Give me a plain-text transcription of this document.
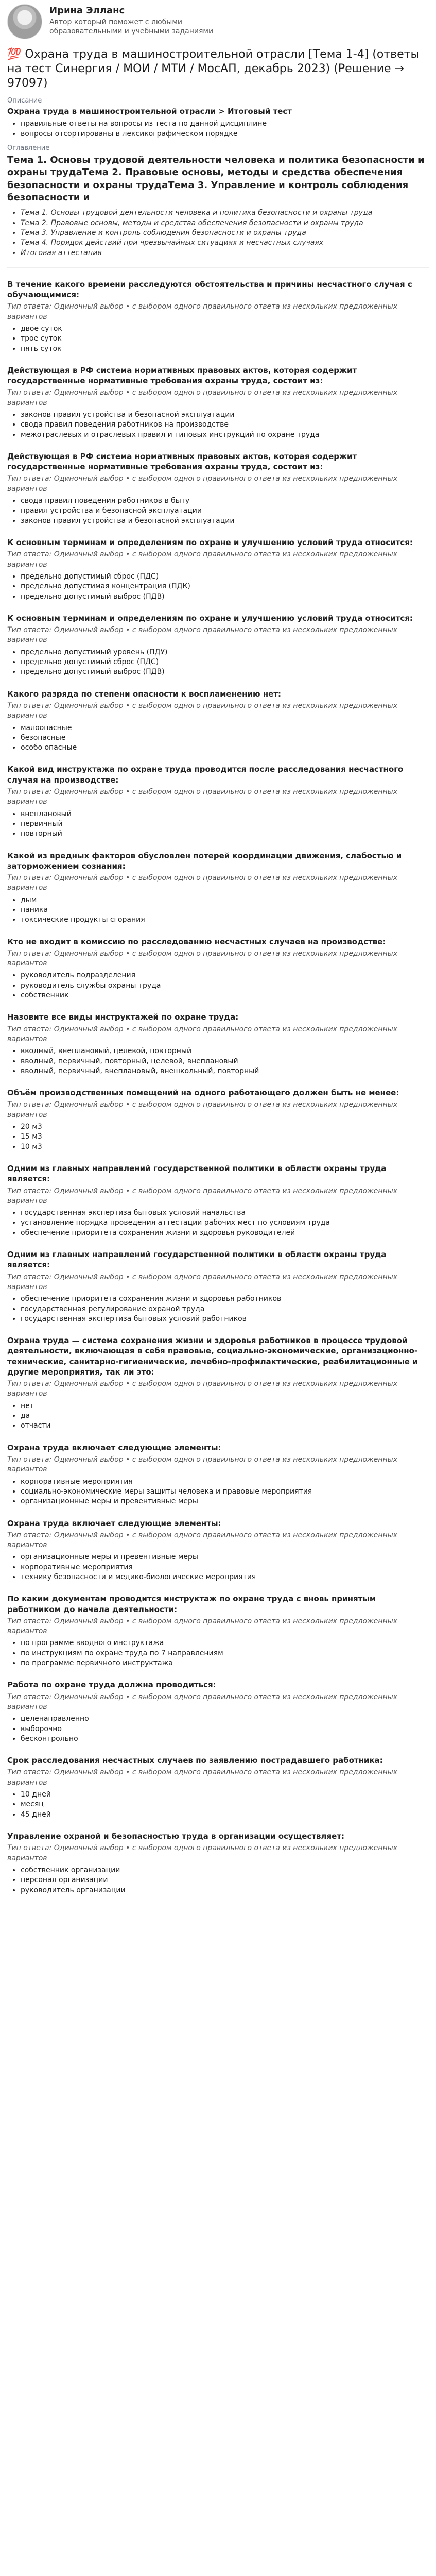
Ирина Элланс
Автор который поможет с любыми образовательными и учебными заданиями
💯 Охрана труда в машиностроительной отрасли [Тема 1-4] (ответы на тест Синергия / МОИ / МТИ / МосАП, декабрь 2023) (Решение → 97097)
Описание
Охрана труда в машиностроительной отрасли > Итоговый тест
• правильные ответы на вопросы из теста по данной дисциплине
• вопросы отсортированы в лексикографическом порядке
Оглавление
Тема 1. Основы трудовой деятельности человека и политика безопасности и охраны трудаТема 2. Правовые основы, методы и средства обеспечения безопасности и охраны трудаТема 3. Управление и контроль соблюдения безопасности и
• Тема 1. Основы трудовой деятельности человека и политика безопасности и охраны труда
• Тема 2. Правовые основы, методы и средства обеспечения безопасности и охраны труда
• Тема 3. Управление и контроль соблюдения безопасности и охраны труда
• Тема 4. Порядок действий при чрезвычайных ситуациях и несчастных случаях
• Итоговая аттестация
В течение какого времени расследуются обстоятельства и причины несчастного случая с обучающимися:
Тип ответа: Одиночный выбор • с выбором одного правильного ответа из нескольких предложенных вариантов
• двое суток
• трое суток
• пять суток
Действующая в РФ система нормативных правовых актов, которая содержит государственные нормативные требования охраны труда, состоит из:
Тип ответа: Одиночный выбор • с выбором одного правильного ответа из нескольких предложенных вариантов
• законов правил устройства и безопасной эксплуатации
• свода правил поведения работников на производстве
• межотраслевых и отраслевых правил и типовых инструкций по охране труда
Действующая в РФ система нормативных правовых актов, которая содержит государственные нормативные требования охраны труда, состоит из:
Тип ответа: Одиночный выбор • с выбором одного правильного ответа из нескольких предложенных вариантов
• свода правил поведения работников в быту
• правил устройства и безопасной эксплуатации
• законов правил устройства и безопасной эксплуатации
К основным терминам и определениям по охране и улучшению условий труда относится:
Тип ответа: Одиночный выбор • с выбором одного правильного ответа из нескольких предложенных вариантов
• предельно допустимый сброс (ПДС)
• предельно допустимая концентрация (ПДК)
• предельно допустимый выброс (ПДВ)
К основным терминам и определениям по охране и улучшению условий труда относится:
Тип ответа: Одиночный выбор • с выбором одного правильного ответа из нескольких предложенных вариантов
• предельно допустимый уровень (ПДУ)
• предельно допустимый сброс (ПДС)
• предельно допустимый выброс (ПДВ)
Какого разряда по степени опасности к воспламенению нет:
Тип ответа: Одиночный выбор • с выбором одного правильного ответа из нескольких предложенных вариантов
• малоопасные
• безопасные
• особо опасные
Какой вид инструктажа по охране труда проводится после расследования несчастного случая на производстве:
Тип ответа: Одиночный выбор • с выбором одного правильного ответа из нескольких предложенных вариантов
• внеплановый
• первичный
• повторный
Какой из вредных факторов обусловлен потерей координации движения, слабостью и заторможением сознания:
Тип ответа: Одиночный выбор • с выбором одного правильного ответа из нескольких предложенных вариантов
• дым
• паника
• токсические продукты сгорания
Кто не входит в комиссию по расследованию несчастных случаев на производстве:
Тип ответа: Одиночный выбор • с выбором одного правильного ответа из нескольких предложенных вариантов
• руководитель подразделения
• руководитель службы охраны труда
• собственник
Назовите все виды инструктажей по охране труда:
Тип ответа: Одиночный выбор • с выбором одного правильного ответа из нескольких предложенных вариантов
• вводный, внеплановый, целевой, повторный
• вводный, первичный, повторный, целевой, внеплановый
• вводный, первичный, внеплановый, внешкольный, повторный
Объём производственных помещений на одного работающего должен быть не менее:
Тип ответа: Одиночный выбор • с выбором одного правильного ответа из нескольких предложенных вариантов
• 20 м3
• 15 м3
• 10 м3
Одним из главных направлений государственной политики в области охраны труда является:
Тип ответа: Одиночный выбор • с выбором одного правильного ответа из нескольких предложенных вариантов
• государственная экспертиза бытовых условий начальства
• установление порядка проведения аттестации рабочих мест по условиям труда
• обеспечение приоритета сохранения жизни и здоровья руководителей
Одним из главных направлений государственной политики в области охраны труда является:
Тип ответа: Одиночный выбор • с выбором одного правильного ответа из нескольких предложенных вариантов
• обеспечение приоритета сохранения жизни и здоровья работников
• государственная регулирование охраной труда
• государственная экспертиза бытовых условий работников
Охрана труда — система сохранения жизни и здоровья работников в процессе трудовой деятельности, включающая в себя правовые, социально-экономические, организационно-технические, санитарно-гигиенические, лечебно-профилактические, реабилитационные и другие мероприятия, так ли это:
Тип ответа: Одиночный выбор • с выбором одного правильного ответа из нескольких предложенных вариантов
• нет
• да
• отчасти
Охрана труда включает следующие элементы:
Тип ответа: Одиночный выбор • с выбором одного правильного ответа из нескольких предложенных вариантов
• корпоративные мероприятия
• социально-экономические меры защиты человека и правовые мероприятия
• организационные меры и превентивные меры
Охрана труда включает следующие элементы:
Тип ответа: Одиночный выбор • с выбором одного правильного ответа из нескольких предложенных вариантов
• организационные меры и превентивные меры
• корпоративные мероприятия
• технику безопасности и медико-биологические мероприятия
По каким документам проводится инструктаж по охране труда с вновь принятым работником до начала деятельности:
Тип ответа: Одиночный выбор • с выбором одного правильного ответа из нескольких предложенных вариантов
• по программе вводного инструктажа
• по инструкциям по охране труда по 7 направлениям
• по программе первичного инструктажа
Работа по охране труда должна проводиться:
Тип ответа: Одиночный выбор • с выбором одного правильного ответа из нескольких предложенных вариантов
• целенаправленно
• выборочно
• бесконтрольно
Срок расследования несчастных случаев по заявлению пострадавшего работника:
Тип ответа: Одиночный выбор • с выбором одного правильного ответа из нескольких предложенных вариантов
• 10 дней
• месяц
• 45 дней
Управление охраной и безопасностью труда в организации осуществляет:
Тип ответа: Одиночный выбор • с выбором одного правильного ответа из нескольких предложенных вариантов
• собственник организации
• персонал организации
• руководитель организации
